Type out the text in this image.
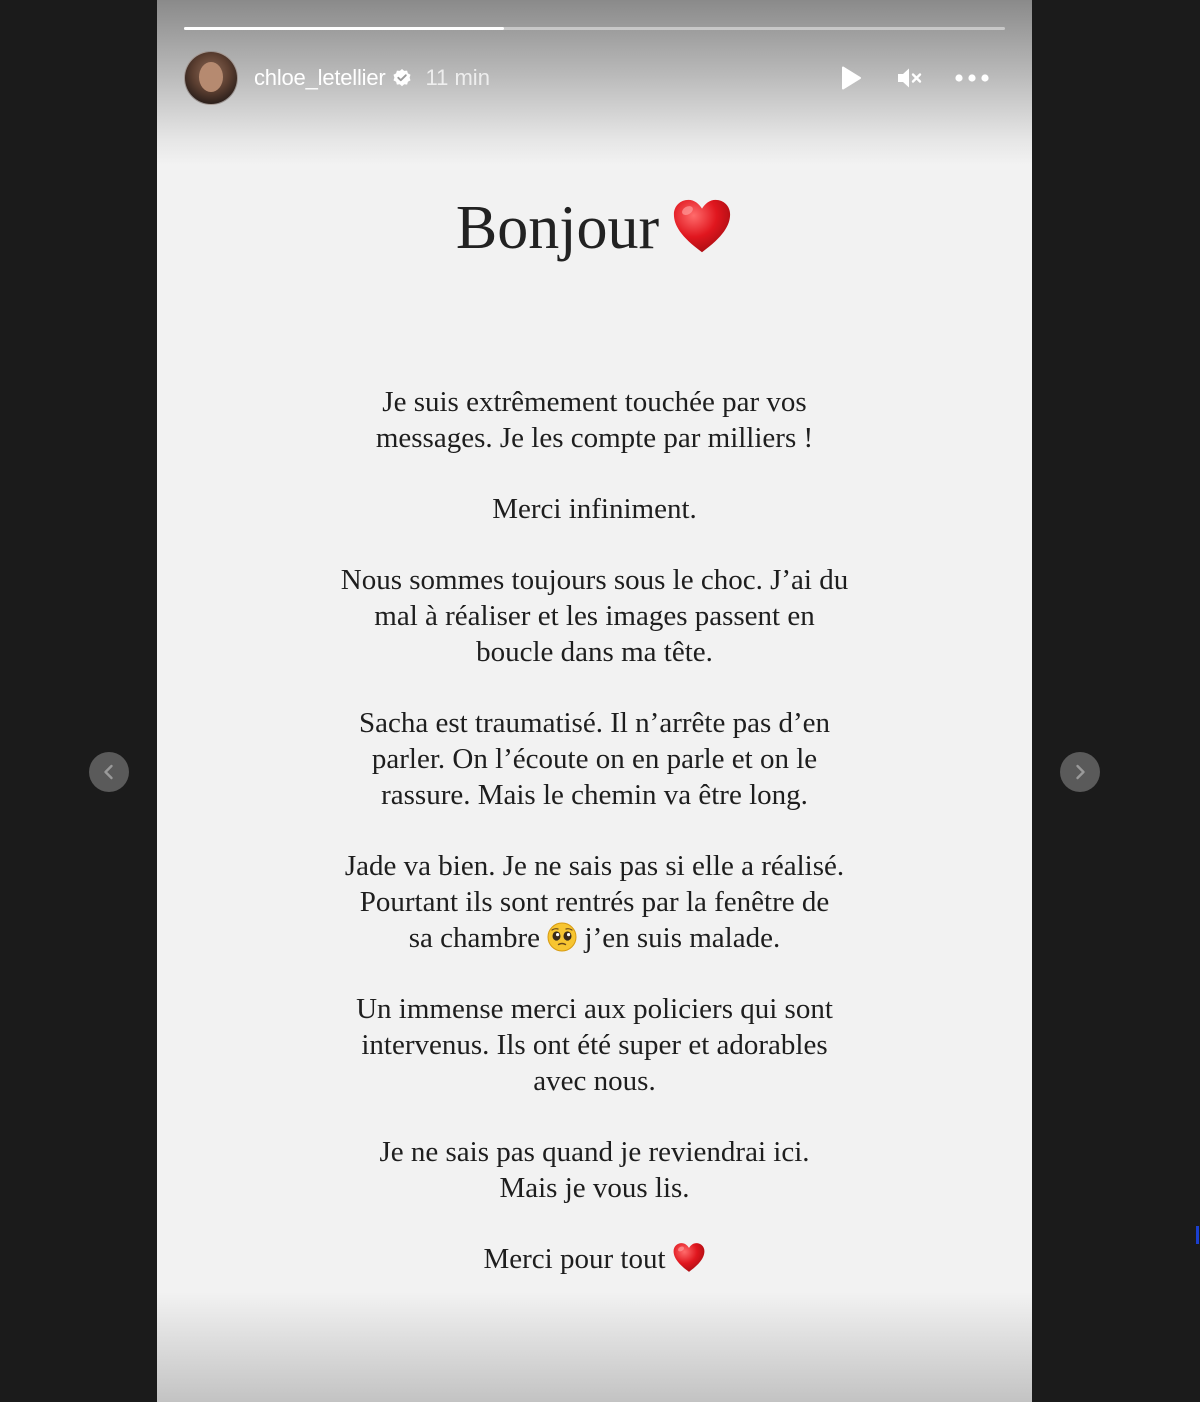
chloe_letellier 11 min
Bonjour
Je suis extrêmement touchée par vos
messages. Je les compte par milliers !
Merci infiniment.
Nous sommes toujours sous le choc. J’ai du
mal à réaliser et les images passent en
boucle dans ma tête.
Sacha est traumatisé. Il n’arrête pas d’en
parler. On l’écoute on en parle et on le
rassure. Mais le chemin va être long.
Jade va bien. Je ne sais pas si elle a réalisé.
Pourtant ils sont rentrés par la fenêtre de
sa chambre j’en suis malade.
Un immense merci aux policiers qui sont
intervenus. Ils ont été super et adorables
avec nous.
Je ne sais pas quand je reviendrai ici.
Mais je vous lis.
Merci pour tout
